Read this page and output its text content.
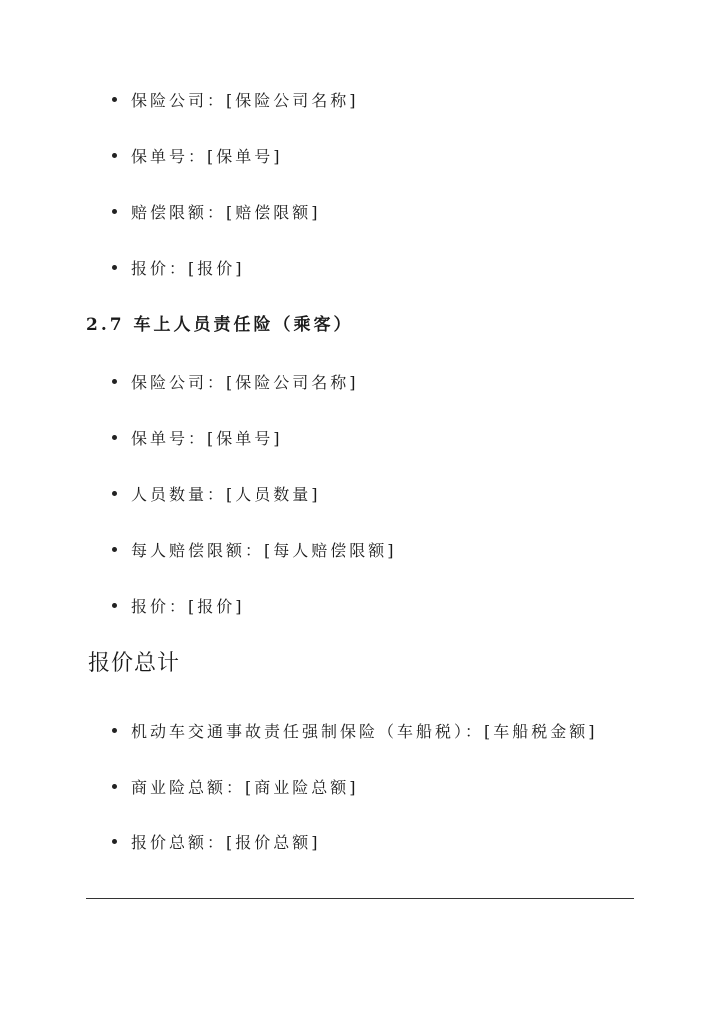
保险公司：[保险公司名称]
保单号：[保单号]
赔偿限额：[赔偿限额]
报价：[报价]
2.7 车上人员责任险（乘客）
保险公司：[保险公司名称]
保单号：[保单号]
人员数量：[人员数量]
每人赔偿限额：[每人赔偿限额]
报价：[报价]
报价总计
机动车交通事故责任强制保险（车船税）：[车船税金额]
商业险总额：[商业险总额]
报价总额：[报价总额]
